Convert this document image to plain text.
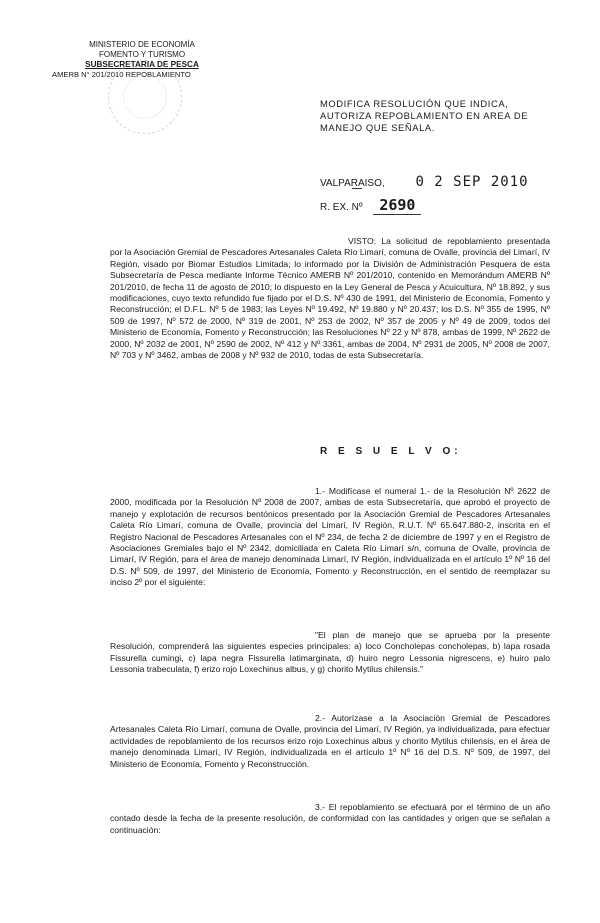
MINISTERIO DE ECONOMÍA
FOMENTO Y TURISMO
SUBSECRETARIA DE PESCA
AMERB N° 201/2010 REPOBLAMIENTO
MODIFICA RESOLUCIÓN QUE INDICA, AUTORIZA REPOBLAMIENTO EN AREA DE MANEJO QUE SEÑALA.
VALPARAISO, 0 2 SEP 2010
R. EX. Nº 2690
VISTO: La solicitud de repoblamiento presentada por la Asociación Gremial de Pescadores Artesanales Caleta Río Limarí, comuna de Ovalle, provincia del Limarí, IV Región, visado por Biomar Estudios Limitada; lo informado por la División de Administración Pesquera de esta Subsecretaría de Pesca mediante Informe Técnico AMERB Nº 201/2010, contenido en Memorándum AMERB Nº 201/2010, de fecha 11 de agosto de 2010; lo dispuesto en la Ley General de Pesca y Acuicultura, Nº 18.892, y sus modificaciones, cuyo texto refundido fue fijado por el D.S. Nº 430 de 1991, del Ministerio de Economía, Fomento y Reconstrucción; el D.F.L. Nº 5 de 1983; las Leyes Nº 19.492, Nº 19.880 y Nº 20.437; los D.S. Nº 355 de 1995, Nº 509 de 1997, Nº 572 de 2000, Nº 319 de 2001, Nº 253 de 2002, Nº 357 de 2005 y Nº 49 de 2009, todos del Ministerio de Economía, Fomento y Reconstrucción; las Resoluciones Nº 22 y Nº 878, ambas de 1999, Nº 2622 de 2000, Nº 2032 de 2001, Nº 2590 de 2002, Nº 412 y Nº 3361, ambas de 2004, Nº 2931 de 2005, Nº 2008 de 2007, Nº 703 y Nº 3462, ambas de 2008 y Nº 932 de 2010, todas de esta Subsecretaría.
R E S U E L V O:
1.- Modifícase el numeral 1.- de la Resolución Nº 2622 de 2000, modificada por la Resolución Nº 2008 de 2007, ambas de esta Subsecretaría, que aprobó el proyecto de manejo y explotación de recursos bentónicos presentado por la Asociación Gremial de Pescadores Artesanales Caleta Río Limarí, comuna de Ovalle, provincia del Limarí, IV Región, R.U.T. Nº 65.647.880-2, inscrita en el Registro Nacional de Pescadores Artesanales con el Nº 234, de fecha 2 de diciembre de 1997 y en el Registro de Asociaciones Gremiales bajo el Nº 2342, domiciliada en Caleta Río Limarí s/n, comuna de Ovalle, provincia de Limarí, IV Región, para el área de manejo denominada Limarí, IV Región, individualizada en el artículo 1º Nº 16 del D.S. Nº 509, de 1997, del Ministerio de Economía, Fomento y Reconstrucción, en el sentido de reemplazar su inciso 2º por el siguiente:
"El plan de manejo que se aprueba por la presente Resolución, comprenderá las siguientes especies principales: a) loco Concholepas concholepas, b) lapa rosada Fissurella cumingi, c) lapa negra Fissurella latimarginata, d) huiro negro Lessonia nigrescens, e) huiro palo Lessonia trabeculata, f) erizo rojo Loxechinus albus, y g) chorito Mytilus chilensis."
2.- Autorízase a la Asociación Gremial de Pescadores Artesanales Caleta Río Limarí, comuna de Ovalle, provincia del Limarí, IV Región, ya individualizada, para efectuar actividades de repoblamiento de los recursos erizo rojo Loxechinus albus y chorito Mytilus chilensis, en el área de manejo denominada Limarí, IV Región, individualizada en el artículo 1º Nº 16 del D.S. Nº 509, de 1997, del Ministerio de Economía, Fomento y Reconstrucción.
3.- El repoblamiento se efectuará por el término de un año contado desde la fecha de la presente resolución, de conformidad con las cantidades y origen que se señalan a continuación:
